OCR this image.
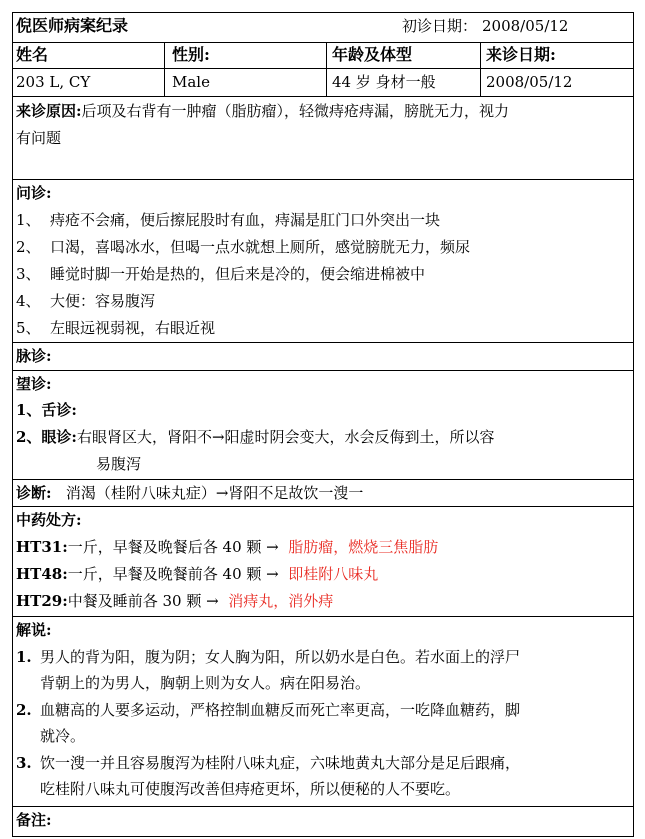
倪医师病案纪录	初诊日期： 2008/05/12
姓名	性别:	年龄及体型	来诊日期:
203 L, CY	Male	44 岁 身材一般	2008/05/12
来诊原因:后项及右背有一肿瘤（脂肪瘤），轻微痔疮痔漏，膀胱无力，视力
有问题
问诊:
1、 痔疮不会痛，便后擦屁股时有血，痔漏是肛门口外突出一块
2、 口渴，喜喝冰水，但喝一点水就想上厕所，感觉膀胱无力，频尿
3、 睡觉时脚一开始是热的，但后来是冷的，便会缩进棉被中
4、 大便：容易腹泻
5、 左眼远视弱视，右眼近视
脉诊:
望诊:
1、舌诊:
2、眼诊:右眼肾区大，肾阳不→阳虚时阴会变大，水会反侮到土，所以容
易腹泻
诊断: 消渴（桂附八味丸症）→肾阳不足故饮一溲一
中药处方:
HT31:一斤，早餐及晚餐后各 40 颗 → 脂肪瘤，燃烧三焦脂肪
HT48:一斤，早餐及晚餐前各 40 颗 → 即桂附八味丸
HT29:中餐及睡前各 30 颗 → 消痔丸，消外痔
解说:
1. 男人的背为阳，腹为阴；女人胸为阳，所以奶水是白色。若水面上的浮尸
背朝上的为男人，胸朝上则为女人。病在阳易治。
2. 血糖高的人要多运动，严格控制血糖反而死亡率更高，一吃降血糖药，脚
就冷。
3. 饮一溲一并且容易腹泻为桂附八味丸症，六味地黄丸大部分是足后跟痛，
吃桂附八味丸可使腹泻改善但痔疮更坏，所以便秘的人不要吃。
备注:
